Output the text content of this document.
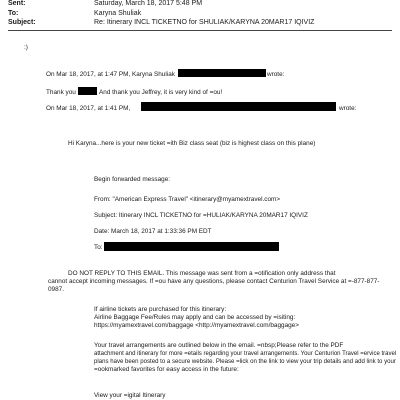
Sent:	Saturday, March 18, 2017 5:48 PM
To:	Karyna Shuliak
Subject:	Re: Itinerary INCL TICKETNO for SHULIAK/KARYNA 20MAR17 IQIVIZ
:)
On Mar 18, 2017, at 1:47 PM, Karyna Shuliak	wrote:
Thank you	And thank you Jeffrey, it is very kind of =ou!
On Mar 18, 2017, at 1:41 PM,	wrote:
Hi Karyna...here is your new ticket =ith Biz class seat (biz is highest class on this plane)
Begin forwarded message:
From: "American Express Travel" <itinerary@myamextravel.com>
Subject: Itinerary INCL TICKETNO for =HULIAK/KARYNA 20MAR17 IQIVIZ
Date: March 18, 2017 at 1:33:36 PM EDT
To:
DO NOT REPLY TO THIS EMAIL. This message was sent from a =otification only address that
cannot accept incoming messages. If =ou have any questions, please contact Centurion Travel Service at =-877-877-
0987.
If airline tickets are purchased for this itinerary:
Airline Baggage Fee/Rules may apply and can be accessed by =isiting:
https://myamextravel.com/baggage <http://myamextravel.com/baggage>
Your travel arrangements are outlined below in the email. =nbsp;Please refer to the PDF
attachment and itinerary for more =etails regarding your travel arrangements. Your Centurion Travel =ervice travel
plans have been posted to a secure website. Please =lick on the link to view your trip details and add link to your
=ookmarked favorites for easy access in the future:
View your =igital Itinerary
